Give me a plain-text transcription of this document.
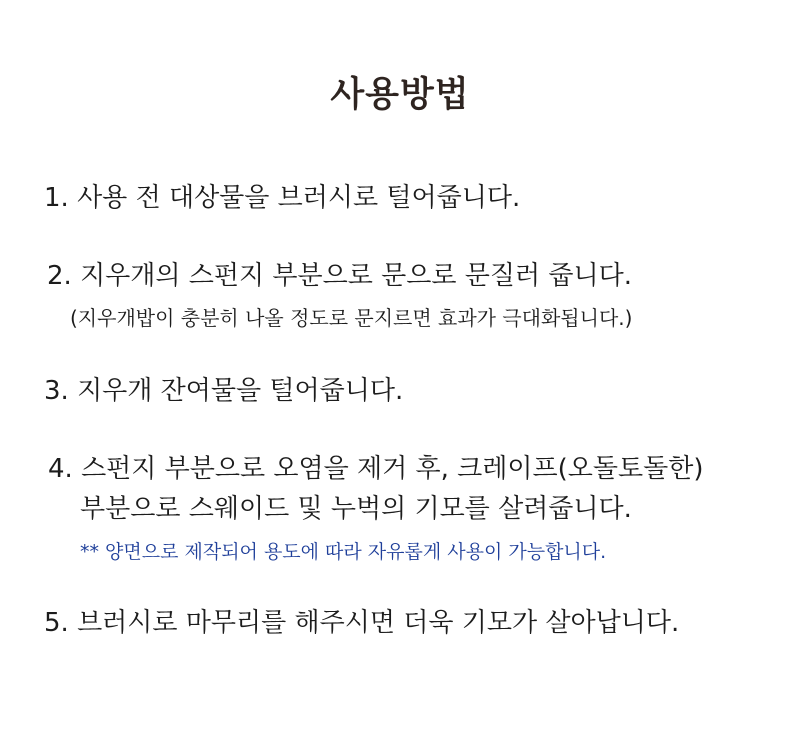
사용방법
1. 사용 전 대상물을 브러시로 털어줍니다.
2. 지우개의 스펀지 부분으로 문으로 문질러 줍니다.
(지우개밥이 충분히 나올 정도로 문지르면 효과가 극대화됩니다.)
3. 지우개 잔여물을 털어줍니다.
4. 스펀지 부분으로 오염을 제거 후, 크레이프(오돌토돌한)
부분으로 스웨이드 및 누벅의 기모를 살려줍니다.
** 양면으로 제작되어 용도에 따라 자유롭게 사용이 가능합니다.
5. 브러시로 마무리를 해주시면 더욱 기모가 살아납니다.
